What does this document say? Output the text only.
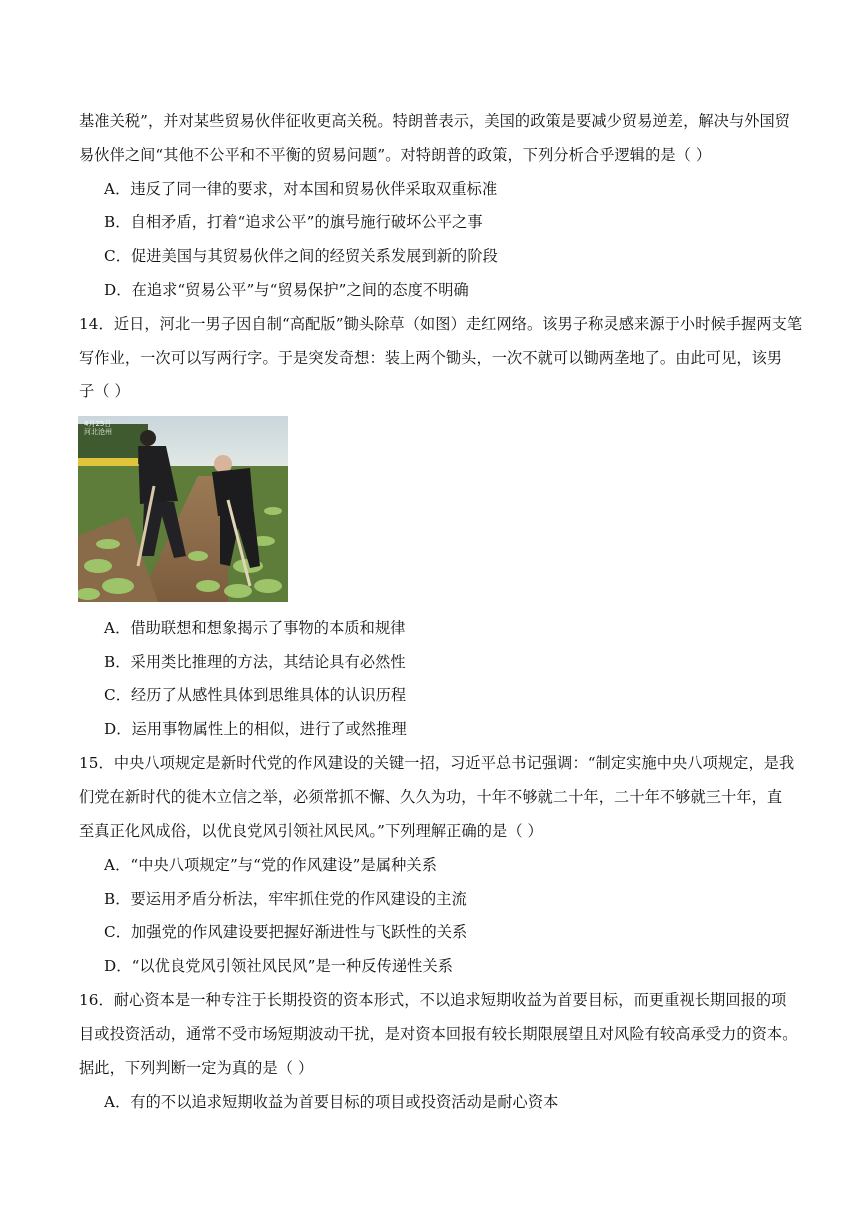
基准关税”，并对某些贸易伙伴征收更高关税。特朗普表示，美国的政策是要减少贸易逆差，解决与外国贸
易伙伴之间“其他不公平和不平衡的贸易问题”。对特朗普的政策，下列分析合乎逻辑的是（ ）
A．违反了同一律的要求，对本国和贸易伙伴采取双重标准
B．自相矛盾，打着“追求公平”的旗号施行破坏公平之事
C．促进美国与其贸易伙伴之间的经贸关系发展到新的阶段
D．在追求“贸易公平”与“贸易保护”之间的态度不明确
14．近日，河北一男子因自制“高配版”锄头除草（如图）走红网络。该男子称灵感来源于小时候手握两支笔
写作业，一次可以写两行字。于是突发奇想：装上两个锄头，一次不就可以锄两垄地了。由此可见，该男
子（ ）
4月25日
河北沧州
A．借助联想和想象揭示了事物的本质和规律
B．采用类比推理的方法，其结论具有必然性
C．经历了从感性具体到思维具体的认识历程
D．运用事物属性上的相似，进行了或然推理
15．中央八项规定是新时代党的作风建设的关键一招，习近平总书记强调：“制定实施中央八项规定，是我
们党在新时代的徙木立信之举，必须常抓不懈、久久为功，十年不够就二十年，二十年不够就三十年，直
至真正化风成俗，以优良党风引领社风民风。”下列理解正确的是（ ）
A．“中央八项规定”与“党的作风建设”是属种关系
B．要运用矛盾分析法，牢牢抓住党的作风建设的主流
C．加强党的作风建设要把握好渐进性与飞跃性的关系
D．“以优良党风引领社风民风”是一种反传递性关系
16．耐心资本是一种专注于长期投资的资本形式，不以追求短期收益为首要目标，而更重视长期回报的项
目或投资活动，通常不受市场短期波动干扰，是对资本回报有较长期限展望且对风险有较高承受力的资本。
据此，下列判断一定为真的是（ ）
A．有的不以追求短期收益为首要目标的项目或投资活动是耐心资本
